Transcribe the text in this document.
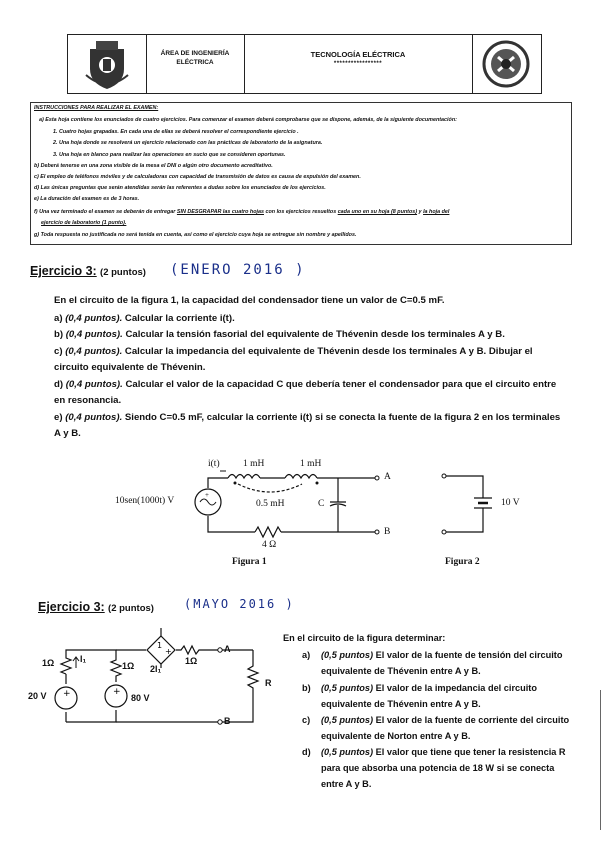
ÁREA DE INGENIERÍA
ELÉCTRICA
TECNOLOGÍA ELÉCTRICA
*****************
INSTRUCCIONES PARA REALIZAR EL EXAMEN:
a) Esta hoja contiene los enunciados de cuatro ejercicios. Para comenzar el examen deberá comprobarse que se dispone, además, de la siguiente documentación:
1. Cuatro hojas grapadas. En cada una de ellas se deberá resolver el correspondiente ejercicio .
2. Una hoja donde se resolverá un ejercicio relacionado con las prácticas de laboratorio de la asignatura.
3. Una hoja en blanco para realizar las operaciones en sucio que se consideren oportunas.
b) Deberá tenerse en una zona visible de la mesa el DNI o algún otro documento acreditativo.
c) El empleo de teléfonos móviles y de calculadoras con capacidad de transmisión de datos es causa de expulsión del examen.
d) Las únicas preguntas que serán atendidas serán las referentes a dudas sobre los enunciados de los ejercicios.
e) La duración del examen es de 3 horas.
f) Una vez terminado el examen se deberán de entregar SIN DESGRAPAR las cuatro hojas con los ejercicios resueltos cada uno en su hoja (8 puntos) y la hoja del
ejercicio de laboratorio (1 punto).
g) Toda respuesta no justificada no será tenida en cuenta, así como el ejercicio cuya hoja se entregue sin nombre y apellidos.
Ejercicio 3: (2 puntos) (ENERO 2016 )
En el circuito de la figura 1, la capacidad del condensador tiene un valor de C=0.5 mF.
a) (0,4 puntos). Calcular la corriente i(t).
b) (0,4 puntos). Calcular la tensión fasorial del equivalente de Thévenin desde los terminales A y B.
c) (0,4 puntos). Calcular la impedancia del equivalente de Thévenin desde los terminales A y B. Dibujar el
circuito equivalente de Thévenin.
d) (0,4 puntos). Calcular el valor de la capacidad C que debería tener el condensador para que el circuito entre
en resonancia.
e) (0,4 puntos). Siendo C=0.5 mF, calcular la corriente i(t) si se conecta la fuente de la figura 2 en los terminales
A y B.
+
10sen(1000t) V
i(t) 1 mH	1 mH
0.5 mH	C
4 Ω
A
B
Figura 1
10 V
Figura 2
Ejercicio 3: (2 puntos)	(MAYO 2016 )
1
+
+	+
1Ω	I₁
1Ω	1Ω
2I₁
20 V	80 V
R
A
B
En el circuito de la figura determinar:
a) (0,5 puntos) El valor de la fuente de tensión del circuito
equivalente de Thévenin entre A y B.
b) (0,5 puntos) El valor de la impedancia del circuito
equivalente de Thévenin entre A y B.
c) (0,5 puntos) El valor de la fuente de corriente del circuito
equivalente de Norton entre A y B.
d) (0,5 puntos) El valor que tiene que tener la resistencia R
para que absorba una potencia de 18 W si se conecta
entre A y B.
